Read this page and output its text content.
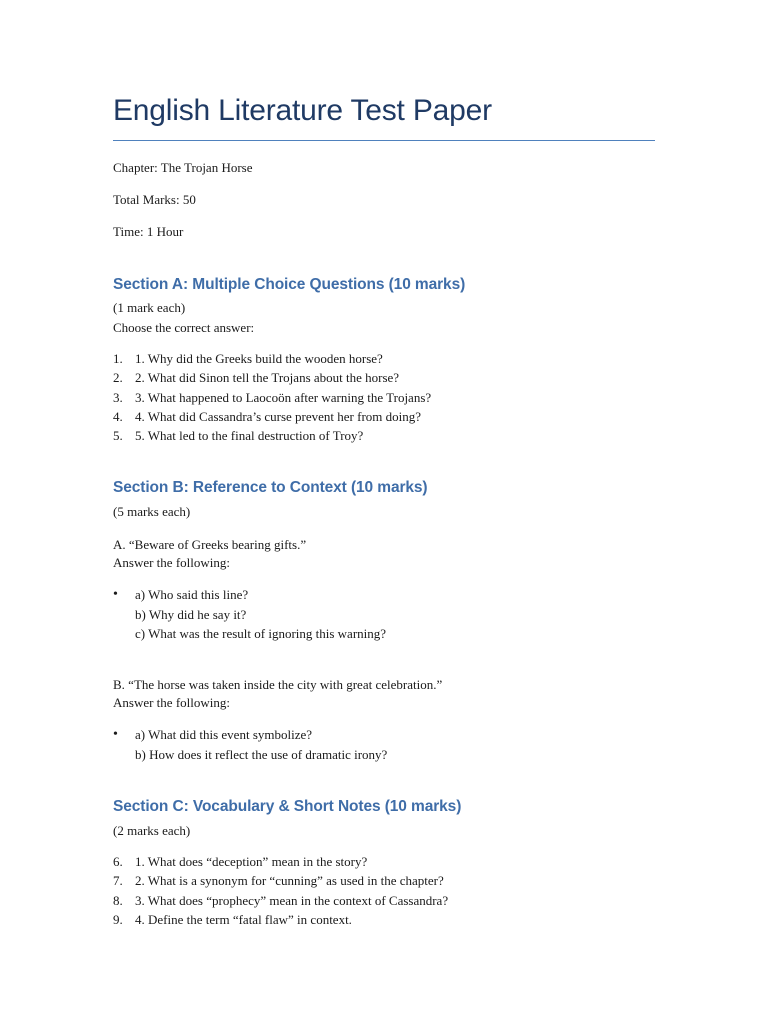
English Literature Test Paper
Chapter: The Trojan Horse
Total Marks: 50
Time: 1 Hour
Section A: Multiple Choice Questions (10 marks)
(1 mark each)
Choose the correct answer:
1. 1. Why did the Greeks build the wooden horse?
2. 2. What did Sinon tell the Trojans about the horse?
3. 3. What happened to Laocoön after warning the Trojans?
4. 4. What did Cassandra’s curse prevent her from doing?
5. 5. What led to the final destruction of Troy?
Section B: Reference to Context (10 marks)
(5 marks each)
A. “Beware of Greeks bearing gifts.”
Answer the following:
•	a) Who said this line?
b) Why did he say it?
c) What was the result of ignoring this warning?
B. “The horse was taken inside the city with great celebration.”
Answer the following:
•	a) What did this event symbolize?
b) How does it reflect the use of dramatic irony?
Section C: Vocabulary & Short Notes (10 marks)
(2 marks each)
6. 1. What does “deception” mean in the story?
7. 2. What is a synonym for “cunning” as used in the chapter?
8. 3. What does “prophecy” mean in the context of Cassandra?
9. 4. Define the term “fatal flaw” in context.
